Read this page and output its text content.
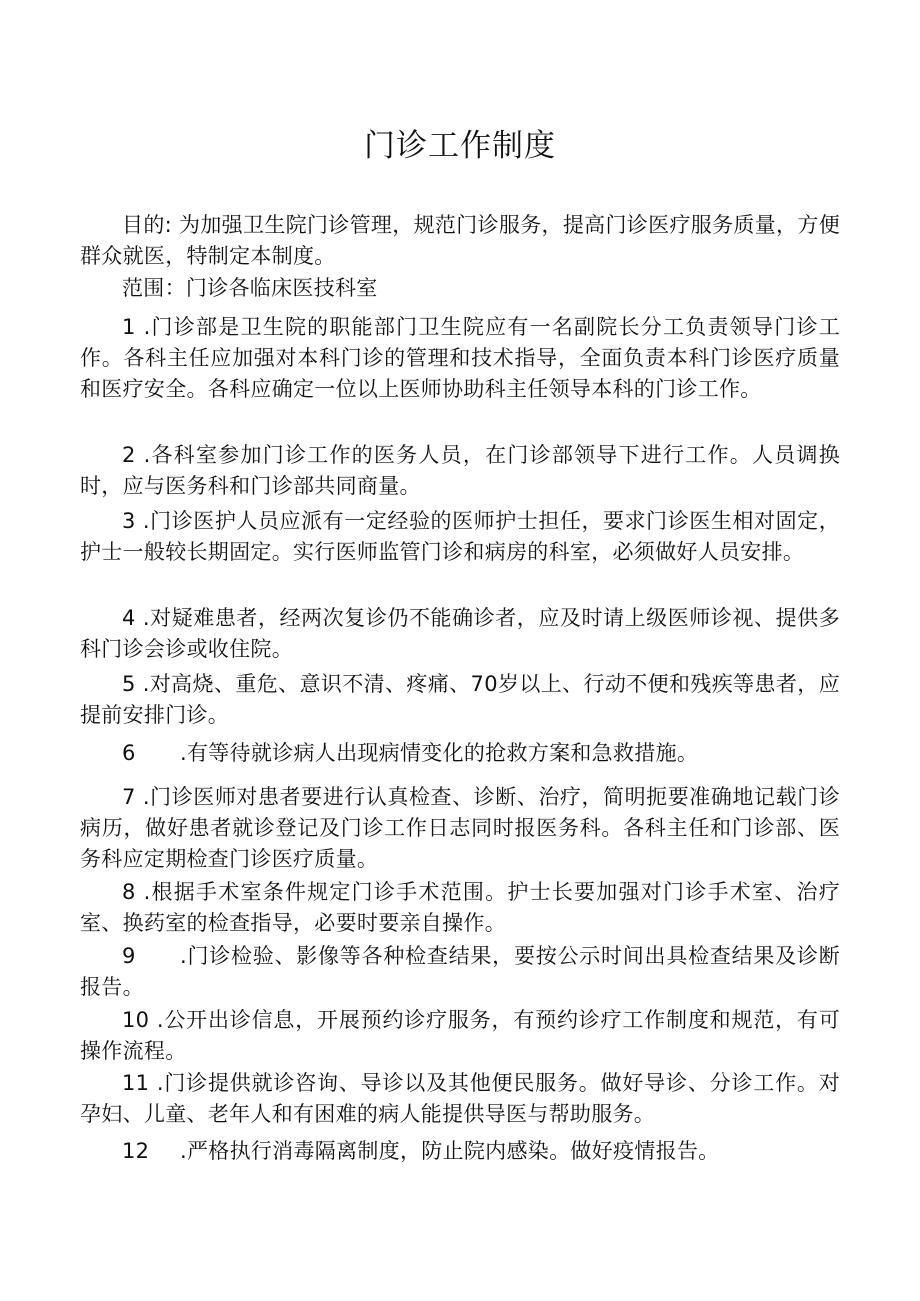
门诊工作制度
目的: 为加强卫生院门诊管理，规范门诊服务，提高门诊医疗服务质量，方便群众就医，特制定本制度。
范围：门诊各临床医技科室
1 .门诊部是卫生院的职能部门卫生院应有一名副院长分工负责领导门诊工作。各科主任应加强对本科门诊的管理和技术指导，全面负责本科门诊医疗质量和医疗安全。各科应确定一位以上医师协助科主任领导本科的门诊工作。
2 .各科室参加门诊工作的医务人员，在门诊部领导下进行工作。人员调换时，应与医务科和门诊部共同商量。
3 .门诊医护人员应派有一定经验的医师护士担任，要求门诊医生相对固定，护士一般较长期固定。实行医师监管门诊和病房的科室，必须做好人员安排。
4 .对疑难患者，经两次复诊仍不能确诊者，应及时请上级医师诊视、提供多科门诊会诊或收住院。
5 .对高烧、重危、意识不清、疼痛、70岁以上、行动不便和残疾等患者，应提前安排门诊。
6 .有等待就诊病人出现病情变化的抢救方案和急救措施。
7 .门诊医师对患者要进行认真检查、诊断、治疗，简明扼要准确地记载门诊病历，做好患者就诊登记及门诊工作日志同时报医务科。各科主任和门诊部、医务科应定期检查门诊医疗质量。
8 .根据手术室条件规定门诊手术范围。护士长要加强对门诊手术室、治疗室、换药室的检查指导，必要时要亲自操作。
9 .门诊检验、影像等各种检查结果，要按公示时间出具检查结果及诊断报告。
10 .公开出诊信息，开展预约诊疗服务，有预约诊疗工作制度和规范，有可操作流程。
11 .门诊提供就诊咨询、导诊以及其他便民服务。做好导诊、分诊工作。对孕妇、儿童、老年人和有困难的病人能提供导医与帮助服务。
12 .严格执行消毒隔离制度，防止院内感染。做好疫情报告。
